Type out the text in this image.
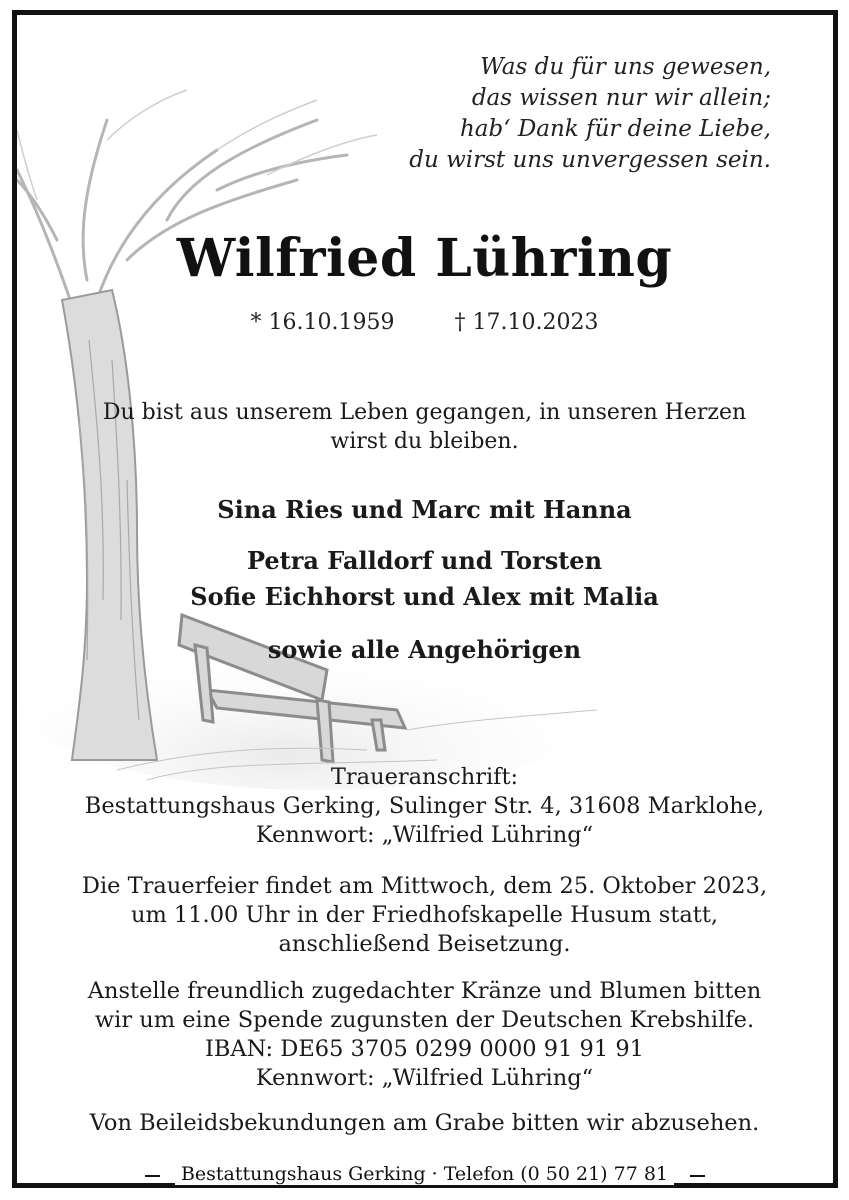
Was du für uns gewesen,
das wissen nur wir allein;
hab‘ Dank für deine Liebe,
du wirst uns unvergessen sein.
Wilfried Lühring
* 16.10.1959	† 17.10.2023
Du bist aus unserem Leben gegangen, in unseren Herzen
wirst du bleiben.
Sina Ries und Marc mit Hanna
Petra Falldorf und Torsten
Sofie Eichhorst und Alex mit Malia
sowie alle Angehörigen
Traueranschrift:
Bestattungshaus Gerking, Sulinger Str. 4, 31608 Marklohe,
Kennwort: „Wilfried Lühring“
Die Trauerfeier findet am Mittwoch, dem 25. Oktober 2023,
um 11.00 Uhr in der Friedhofskapelle Husum statt,
anschließend Beisetzung.
Anstelle freundlich zugedachter Kränze und Blumen bitten
wir um eine Spende zugunsten der Deutschen Krebshilfe.
IBAN: DE65 3705 0299 0000 91 91 91
Kennwort: „Wilfried Lühring“
Von Beileidsbekundungen am Grabe bitten wir abzusehen.
Bestattungshaus Gerking · Telefon (0 50 21) 77 81
